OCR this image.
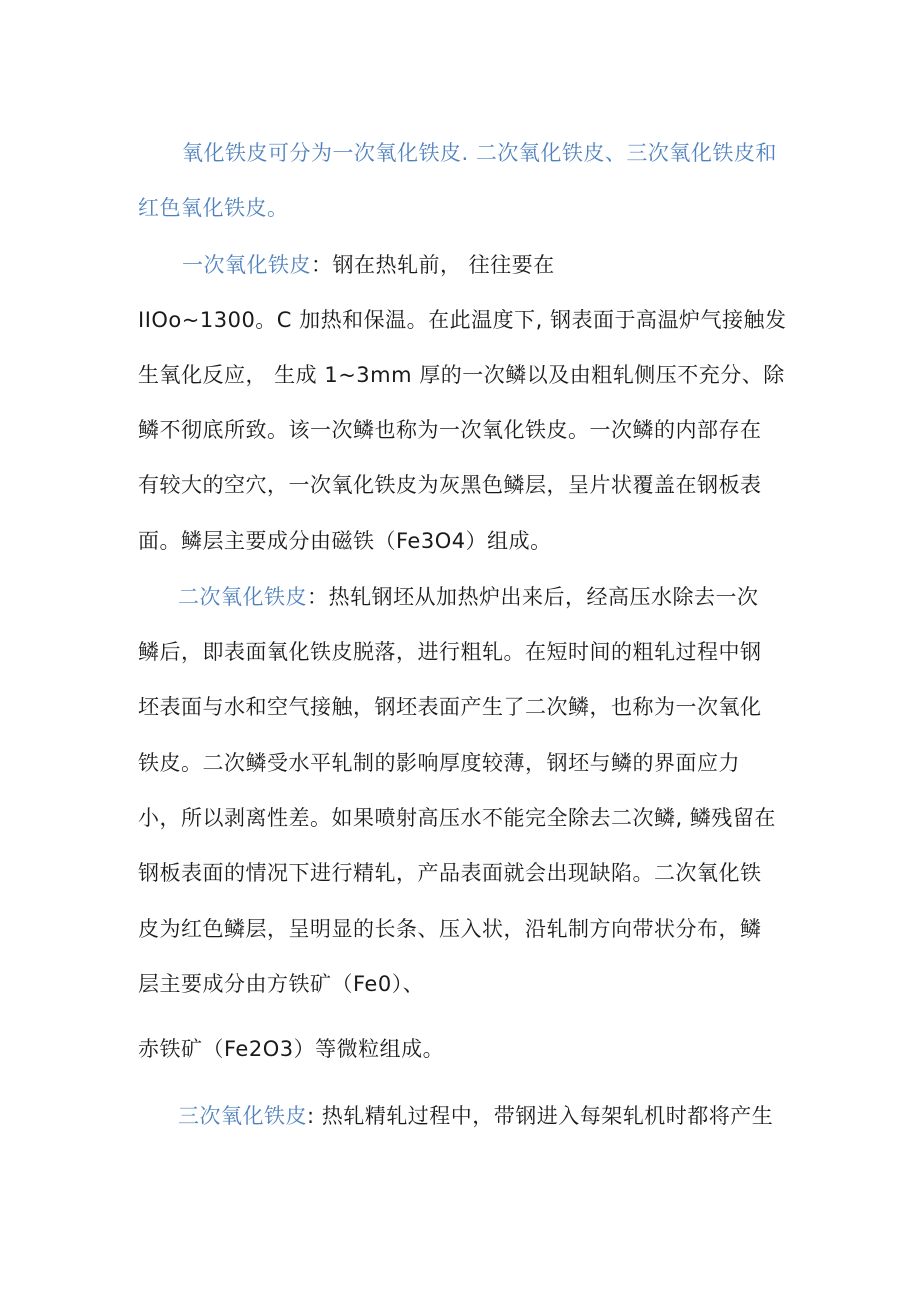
氧化铁皮可分为一次氧化铁皮. 二次氧化铁皮、三次氧化铁皮和
红色氧化铁皮。
一次氧化铁皮：钢在热轧前， 往往要在
IIOo~1300。C 加热和保温。在此温度下, 钢表面于高温炉气接触发
生氧化反应， 生成 1~3mm 厚的一次鳞以及由粗轧侧压不充分、除
鳞不彻底所致。该一次鳞也称为一次氧化铁皮。一次鳞的内部存在
有较大的空穴，一次氧化铁皮为灰黑色鳞层，呈片状覆盖在钢板表
面。鳞层主要成分由磁铁（Fe3O4）组成。
二次氧化铁皮：热轧钢坯从加热炉出来后，经高压水除去一次
鳞后，即表面氧化铁皮脱落，进行粗轧。在短时间的粗轧过程中钢
坯表面与水和空气接触，钢坯表面产生了二次鳞，也称为一次氧化
铁皮。二次鳞受水平轧制的影响厚度较薄，钢坯与鳞的界面应力
小，所以剥离性差。如果喷射高压水不能完全除去二次鳞, 鳞残留在
钢板表面的情况下进行精轧，产品表面就会出现缺陷。二次氧化铁
皮为红色鳞层，呈明显的长条、压入状，沿轧制方向带状分布，鳞
层主要成分由方铁矿（Fe0）、
赤铁矿（Fe2O3）等微粒组成。
三次氧化铁皮: 热轧精轧过程中，带钢进入每架轧机时都将产生
